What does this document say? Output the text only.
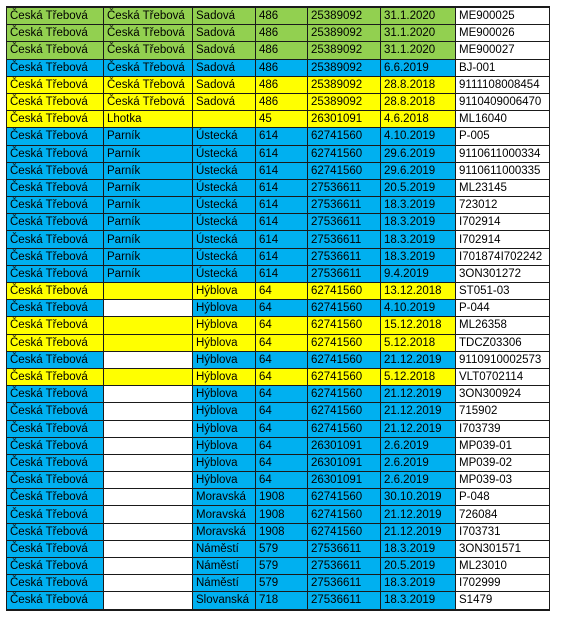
Česká Třebová	Česká Třebová	Sadová	486	25389092	31.1.2020	ME900025
Česká Třebová	Česká Třebová	Sadová	486	25389092	31.1.2020	ME900026
Česká Třebová	Česká Třebová	Sadová	486	25389092	31.1.2020	ME900027
Česká Třebová	Česká Třebová	Sadová	486	25389092	6.6.2019	BJ-001
Česká Třebová	Česká Třebová	Sadová	486	25389092	28.8.2018	9111108008454
Česká Třebová	Česká Třebová	Sadová	486	25389092	28.8.2018	9110409006470
Česká Třebová	Lhotka		45	26301091	4.6.2018	ML16040
Česká Třebová	Parník	Ústecká	614	62741560	4.10.2019	P-005
Česká Třebová	Parník	Ústecká	614	62741560	29.6.2019	9110611000334
Česká Třebová	Parník	Ústecká	614	62741560	29.6.2019	9110611000335
Česká Třebová	Parník	Ústecká	614	27536611	20.5.2019	ML23145
Česká Třebová	Parník	Ústecká	614	27536611	18.3.2019	723012
Česká Třebová	Parník	Ústecká	614	27536611	18.3.2019	I702914
Česká Třebová	Parník	Ústecká	614	27536611	18.3.2019	I702914
Česká Třebová	Parník	Ústecká	614	27536611	18.3.2019	I701874I702242
Česká Třebová	Parník	Ústecká	614	27536611	9.4.2019	3ON301272
Česká Třebová		Hýblova	64	62741560	13.12.2018	ST051-03
Česká Třebová		Hýblova	64	62741560	4.10.2019	P-044
Česká Třebová		Hýblova	64	62741560	15.12.2018	ML26358
Česká Třebová		Hýblova	64	62741560	5.12.2018	TDCZ03306
Česká Třebová		Hýblova	64	62741560	21.12.2019	9110910002573
Česká Třebová		Hýblova	64	62741560	5.12.2018	VLT0702114
Česká Třebová		Hýblova	64	62741560	21.12.2019	3ON300924
Česká Třebová		Hýblova	64	62741560	21.12.2019	715902
Česká Třebová		Hýblova	64	62741560	21.12.2019	I703739
Česká Třebová		Hýblova	64	26301091	2.6.2019	MP039-01
Česká Třebová		Hýblova	64	26301091	2.6.2019	MP039-02
Česká Třebová		Hýblova	64	26301091	2.6.2019	MP039-03
Česká Třebová		Moravská	1908	62741560	30.10.2019	P-048
Česká Třebová		Moravská	1908	62741560	21.12.2019	726084
Česká Třebová		Moravská	1908	62741560	21.12.2019	I703731
Česká Třebová		Náměstí	579	27536611	18.3.2019	3ON301571
Česká Třebová		Náměstí	579	27536611	20.5.2019	ML23010
Česká Třebová		Náměstí	579	27536611	18.3.2019	I702999
Česká Třebová		Slovanská	718	27536611	18.3.2019	S1479
